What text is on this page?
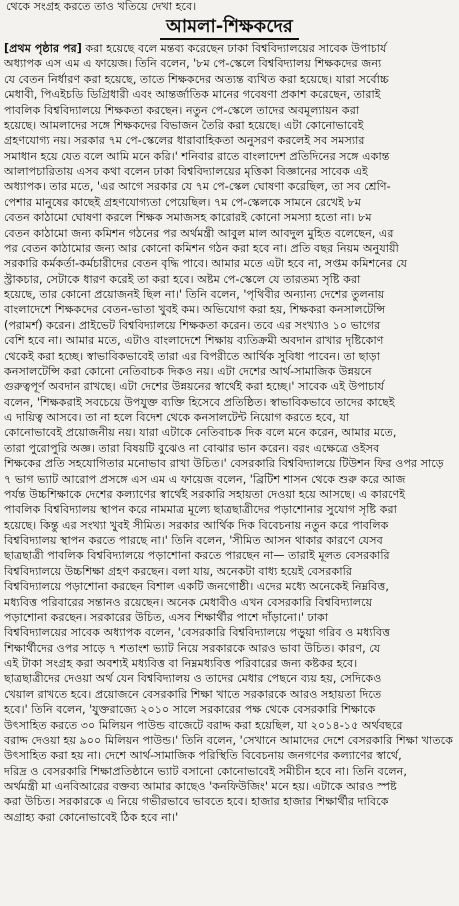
থেকে সংগ্রহ করতে তাও খতিয়ে দেখা হবে।
আমলা-শিক্ষকদের
[প্রথম পৃষ্ঠার পর] করা হয়েছে বলে মন্তব্য করেছেন ঢাকা বিশ্ববিদ্যালয়ের সাবেক উপাচার্য
অধ্যাপক এস এম এ ফায়েজ। তিনি বলেন, '৮ম পে-স্কেলে বিশ্ববিদ্যালয় শিক্ষকদের জন্য
যে বেতন নির্ধারণ করা হয়েছে, তাতে শিক্ষকদের অত্যন্ত ব্যথিত করা হয়েছে। যারা সর্বোচ্চ
মেধাবী, পিএইচডি ডিগ্রিধারী এবং আন্তর্জাতিক মানের গবেষণা প্রকাশ করেছেন, তারাই
পাবলিক বিশ্ববিদ্যালয়ে শিক্ষকতা করছেন। নতুন পে-স্কেলে তাদের অবমূল্যায়ন করা
হয়েছে। আমলাদের সঙ্গে শিক্ষকদের বিভাজন তৈরি করা হয়েছে। এটা কোনোভাবেই
গ্রহণযোগ্য নয়। সরকার ৭ম পে-স্কেলের ধারাবাহিকতা অনুসরণ করলেই সব সমস্যার
সমাধান হয়ে যেত বলে আমি মনে করি।' শনিবার রাতে বাংলাদেশ প্রতিদিনের সঙ্গে একান্ত
আলাপচারিতায় এসব কথা বলেন ঢাকা বিশ্ববিদ্যালয়ের মৃত্তিকা বিজ্ঞানের সাবেক এই
অধ্যাপক। তার মতে, 'এর আগে সরকার যে ৭ম পে-স্কেল ঘোষণা করেছিল, তা সব শ্রেণি-
পেশার মানুষের কাছেই গ্রহণযোগ্যতা পেয়েছিল। ৭ম পে-স্কেলকে সামনে রেখেই ৮ম
বেতন কাঠামো ঘোষণা করলে শিক্ষক সমাজসহ কারোরই কোনো সমস্যা হতো না। ৮ম
বেতন কাঠামো জন্য কমিশন গঠনের পর অর্থমন্ত্রী আবুল মাল আবদুল মুহিত বলেছেন, এর
পর বেতন কাঠামোর জন্য আর কোনো কমিশন গঠন করা হবে না। প্রতি বছর নিয়ম অনুযায়ী
সরকারি কর্মকর্তা-কর্মচারীদের বেতন বৃদ্ধি পাবে। আমার মতে এটা হবে না, সপ্তম কমিশনের যে
স্ট্রাকচার, সেটাকে ধারণ করেই তা করা হবে। অষ্টম পে-স্কেলে যে তারতম্য সৃষ্টি করা
হয়েছে, তার কোনো প্রয়োজনই ছিল না।' তিনি বলেন, 'পৃথিবীর অন্যান্য দেশের তুলনায়
বাংলাদেশে শিক্ষকদের বেতন-ভাতা খুবই কম। অভিযোগ করা হয়, শিক্ষকরা কনসালটেন্সি
(পরামর্শ) করেন। প্রাইভেট বিশ্ববিদ্যালয়ে শিক্ষকতা করেন। তবে এর সংখ্যাও ১০ ভাগের
বেশি হবে না। আমার মতে, এটাও বাংলাদেশে শিক্ষায় ব্যতিক্রমী অবদান রাখার দৃষ্টিকোণ
থেকেই করা হচ্ছে। স্বাভাবিকভাবেই তারা এর বিপরীতে আর্থিক সুবিধা পাবেন। তা ছাড়া
কনসালটেন্সি করা কোনো নেতিবাচক দিকও নয়। এটা দেশের আর্থ-সামাজিক উন্নয়নে
গুরুত্বপূর্ণ অবদান রাখছে। এটা দেশের উন্নয়নের স্বার্থেই করা হচ্ছে।' সাবেক এই উপাচার্য
বলেন, 'শিক্ষকরাই সবচেয়ে উপযুক্ত ব্যক্তি হিসেবে প্রতিষ্ঠিত। স্বাভাবিকভাবে তাদের কাছেই
এ দায়িত্ব আসবে। তা না হলে বিদেশ থেকে কনসালটেন্ট নিয়োগ করতে হবে, যা
কোনোভাবেই প্রয়োজনীয় নয়। যারা এটাকে নেতিবাচক দিক বলে মনে করেন, আমার মতে,
তারা পুরোপুরি অজ্ঞ। তারা বিষয়টি বুঝেও না বোঝার ভান করেন। বরং এক্ষেত্রে ওইসব
শিক্ষকের প্রতি সহযোগিতার মনোভাব রাখা উচিত।' বেসরকারি বিশ্ববিদ্যালয়ে টিউশন ফির ওপর সাড়ে
৭ ভাগ ভ্যাট আরোপ প্রসঙ্গে এস এম এ ফায়েজ বলেন, 'ব্রিটিশ শাসন থেকে শুরু করে আজ
পর্যন্ত উচ্চশিক্ষাকে দেশের কল্যাণের স্বার্থেই সরকারি সহায়তা দেওয়া হয়ে আসছে। এ কারণেই
পাবলিক বিশ্ববিদ্যালয় স্থাপন করে নামমাত্র মূল্যে ছাত্রছাত্রীদের পড়াশোনার সুযোগ সৃষ্টি করা
হয়েছে। কিন্তু এর সংখ্যা খুবই সীমিত। সরকার আর্থিক দিক বিবেচনায় নতুন করে পাবলিক
বিশ্ববিদ্যালয় স্থাপন করতে পারছে না।' তিনি বলেন, 'সীমিত আসন থাকার কারণে যেসব
ছাত্রছাত্রী পাবলিক বিশ্ববিদ্যালয়ে পড়াশোনা করতে পারছেন না— তারাই মূলত বেসরকারি
বিশ্ববিদ্যালয়ে উচ্চশিক্ষা গ্রহণ করছেন। বলা যায়, অনেকটা বাধ্য হয়েই বেসরকারি
বিশ্ববিদ্যালয়ে পড়াশোনা করছেন বিশাল একটি জনগোষ্ঠী। এদের মধ্যে অনেকেই নিম্নবিত্ত,
মধ্যবিত্ত পরিবারের সন্তানও রয়েছেন। অনেক মেধাবীও এখন বেসরকারি বিশ্ববিদ্যালয়ে
পড়াশোনা করছেন। সরকারের উচিত, এসব শিক্ষার্থীর পাশে দাঁড়ানো।' ঢাকা
বিশ্ববিদ্যালয়ের সাবেক অধ্যাপক বলেন, 'বেসরকারি বিশ্ববিদ্যালয়ে পড়ুয়া গরিব ও মধ্যবিত্ত
শিক্ষার্থীদের ওপর সাড়ে ৭ শতাংশ ভ্যাট নিয়ে সরকারকে আরও ভাবা উচিত। কারণ, যে
এই টাকা সংগ্রহ করা অবশ্যই মধ্যবিত্ত বা নিম্নমধ্যবিত্ত পরিবারের জন্য কষ্টকর হবে।
ছাত্রছাত্রীদের দেওয়া অর্থ যেন বিশ্ববিদ্যালয় ও তাদের মেধার পেছনে ব্যয় হয়, সেদিকেও
খেয়াল রাখতে হবে। প্রয়োজনে বেসরকারি শিক্ষা খাতে সরকারকে আরও সহায়তা দিতে
হবে।' তিনি বলেন, 'যুক্তরাজ্যে ২০১০ সালে সরকারের পক্ষ থেকে বেসরকারি শিক্ষাকে
উৎসাহিত করতে ৩০ মিলিয়ন পাউন্ড বাজেটে বরাদ্দ করা হয়েছিল, যা ২০১৪-১৫ অর্থবছরে
বরাদ্দ দেওয়া হয় ৯০০ মিলিয়ন পাউন্ড।' তিনি বলেন, 'সেখানে আমাদের দেশে বেসরকারি শিক্ষা খাতকে
উৎসাহিত করা হয় না। দেশে আর্থ-সামাজিক পরিস্থিতি বিবেচনায় জনগণের কল্যাণের স্বার্থে,
দরিদ্র ও বেসরকারি শিক্ষাপ্রতিষ্ঠানে ভ্যাট বসানো কোনোভাবেই সমীচীন হবে না। তিনি বলেন,
অর্থমন্ত্রী মা এনবিআরের বক্তব্য আমার কাছেও 'কনফিউজিং' মনে হয়। এটাকে আরও স্পষ্ট
করা উচিত। সরকারকে এ নিয়ে গভীরভাবে ভাবতে হবে। হাজার হাজার শিক্ষার্থীর দাবিকে
অগ্রাহ্য করা কোনোভাবেই ঠিক হবে না।'
